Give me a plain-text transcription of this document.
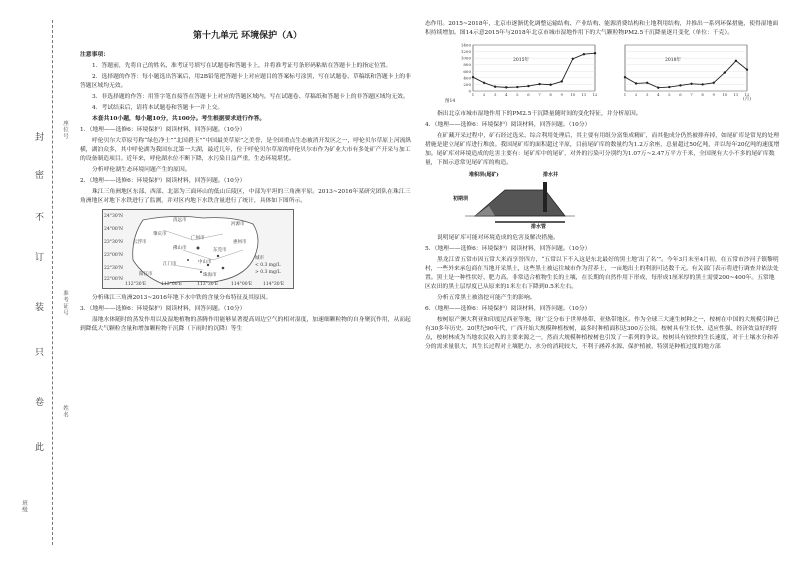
封
密
不
订
装
只
卷
此
座位号
准考证号
姓名
班级
第十九单元 环境保护（A）

注意事项：

1．答题前，先将自己的姓名、准考证号填写在试题卷和答题卡上，并将准考证号条形码粘贴在答题卡上的指定位置。

2．选择题的作答：每小题选出答案后，用2B铅笔把答题卡上对应题目的答案标号涂黑，写在试题卷、草稿纸和答题卡上的非答题区域均无效。

3．非选择题的作答：用签字笔直接答在答题卡上对应的答题区域内。写在试题卷、草稿纸和答题卡上的非答题区域均无效。

4．考试结束后，请将本试题卷和答题卡一并上交。

本套共10小题，每小题10分，共100分。考生根据要求进行作答。

1．（地理——选修6：环境保护）阅读材料，回答问题。（10分）

呼伦贝尔大草原号称“绿色净土”“北国碧玉”“中国最美草原”之美誉，是全国重点生态被消开发区之一，呼伦贝尔草原上河流纵横，湖泊众多，其中呼伦湖为我国东北第一大湖，最近几年，位于呼伦贝尔草原的呼伦贝尔市作为矿业大市有多处矿产开采与加工的设备制造项目。近年来，呼伦湖水位不断下降，水污染日益严重，生态环境堪忧。

分析呼伦湖生态环境问题产生的原因。

2．（地理——选修6：环境保护）阅读材料，回答问题。（10分）

珠江三角洲地区东部、西部、北部为三面环山的低山丘陵区，中部为平坦的三角洲平原。2013~2016年某研究团队在珠江三角洲地区对地下水铁进行了监测，并对区内地下水铁含量进行了统计，具体如下图所示。

24°30'N
24°00'N
23°30'N
23°00'N
22°30'N
22°00'N
112°30'E	113°00'E	113°30'E	114°00'E 114°30'E
清远市
广州市
河源市
惠州市
佛山市	东莞市
云浮市
肇庆市
中山市
江门市
珠海市
阳江市
城市
< 0.3 mg/L
> 0.3 mg/L

分析珠江三角洲2013~2016年地下水中铁的含量分布特征及其原因。

3．（地理——选修6：环境保护）阅读材料，回答问题。（10分）

湿地水体随时的蒸发作用以及湿地植物的蒸腾作用能够显著提高周边空气的相对湿度，加速细颗粒物的自身聚沉作用，从而起到降低大气颗粒含量和增加颗粒物干沉降（下雨时的沉降）等生

态作用。2015~2018年，北京市逐渐优化调整运输结构、产业结构、能源消费结构和土地利用结构，并推出一系列环保措施，使得湿地面积持续增加。图14示意2015年与2018年北京市城市湿地作用下的大气颗粒物PM2.5干沉降量逐月变化（单位：千克）。

0
200
400
600
800
1000
1200
1400
1 2 3 4 5 6 7 8 9 10 11 12
2015年
1 2 3 4 5 6 7 8 9 10 11 12
2018年
图14	(月)

指出北京市城市湿地作用下的PM2.5干沉降量随时间的变化特征，并分析原因。

4．（地理——选修6：环境保护）阅读材料，回答问题。（10分）

在矿藏开采过程中，矿石经过选采、综合利用处理后，其主要有用组分富集成精矿，而其他成分仍然被排弃掉，如尾矿库是常见的处理措施是建立尾矿库进行堆放。我国尾矿库的面积超过平原，目前尾矿库的数量约为1.2万余座，总量超过50亿吨，并以每年20亿吨的速度增加。尾矿库对环境造成的危害主要有：尾矿库中的尾矿，对外的污染可分别约为1.07万~2.47万平方千米，全国现有大小不多的尾矿库数量，下图示意常见尾矿库的构造。

堆积坝(尾矿)	排水井
初期坝
排水管

说明尾矿库可能对环境造成的危害及解决措施。

5．（地理——选修6：环境保护）阅读材料，回答问题。（10分）

黑龙江省五常市因五常大米而享誉四方，“五常以下不入这是东北最好的黑土地‘出了名’”。今年3月末至4月初，在五常市沙河子镇黎明村，一些外来承包商在当地开采黑土，这些黑土被运往城市作为营养土，一亩地出土的利润可达数千元。有关部门表示将进行调查并依法处置。黑土是一种性状好、肥力高、非常适合植物生长的土壤，在长期的自然作用下形成，每形成1厘米厚的黑土需要200~400年。五常地区农田的黑土层厚度已从原来的1米左右下降到0.5米左右。

分析五常黑土被盗挖可能产生的影响。

6．（地理——选修6：环境保护）阅读材料，回答问题。（10分）

桉树原产澳大利亚和印度尼西亚等地，现广泛分布于世界热带、亚热带地区。作为全球三大速生树种之一，桉树在中国的大规模引种已有30多年历史。20世纪90年代，广西开始大规模种植桉树，最多时种植面积达300万公顷。桉树具有生长快、适应性强、经济效益好的特点，桉树林成为当地农民收入的主要来源之一，然而大规模种植桉树也引发了一系列的争议。桉树具有较快的生长速度，对于土壤水分和养分的需求量很大，其生长过程对土壤肥力、水分的消耗较大，不利于涵养水源、保护植被，特别是种植过度的地方部
